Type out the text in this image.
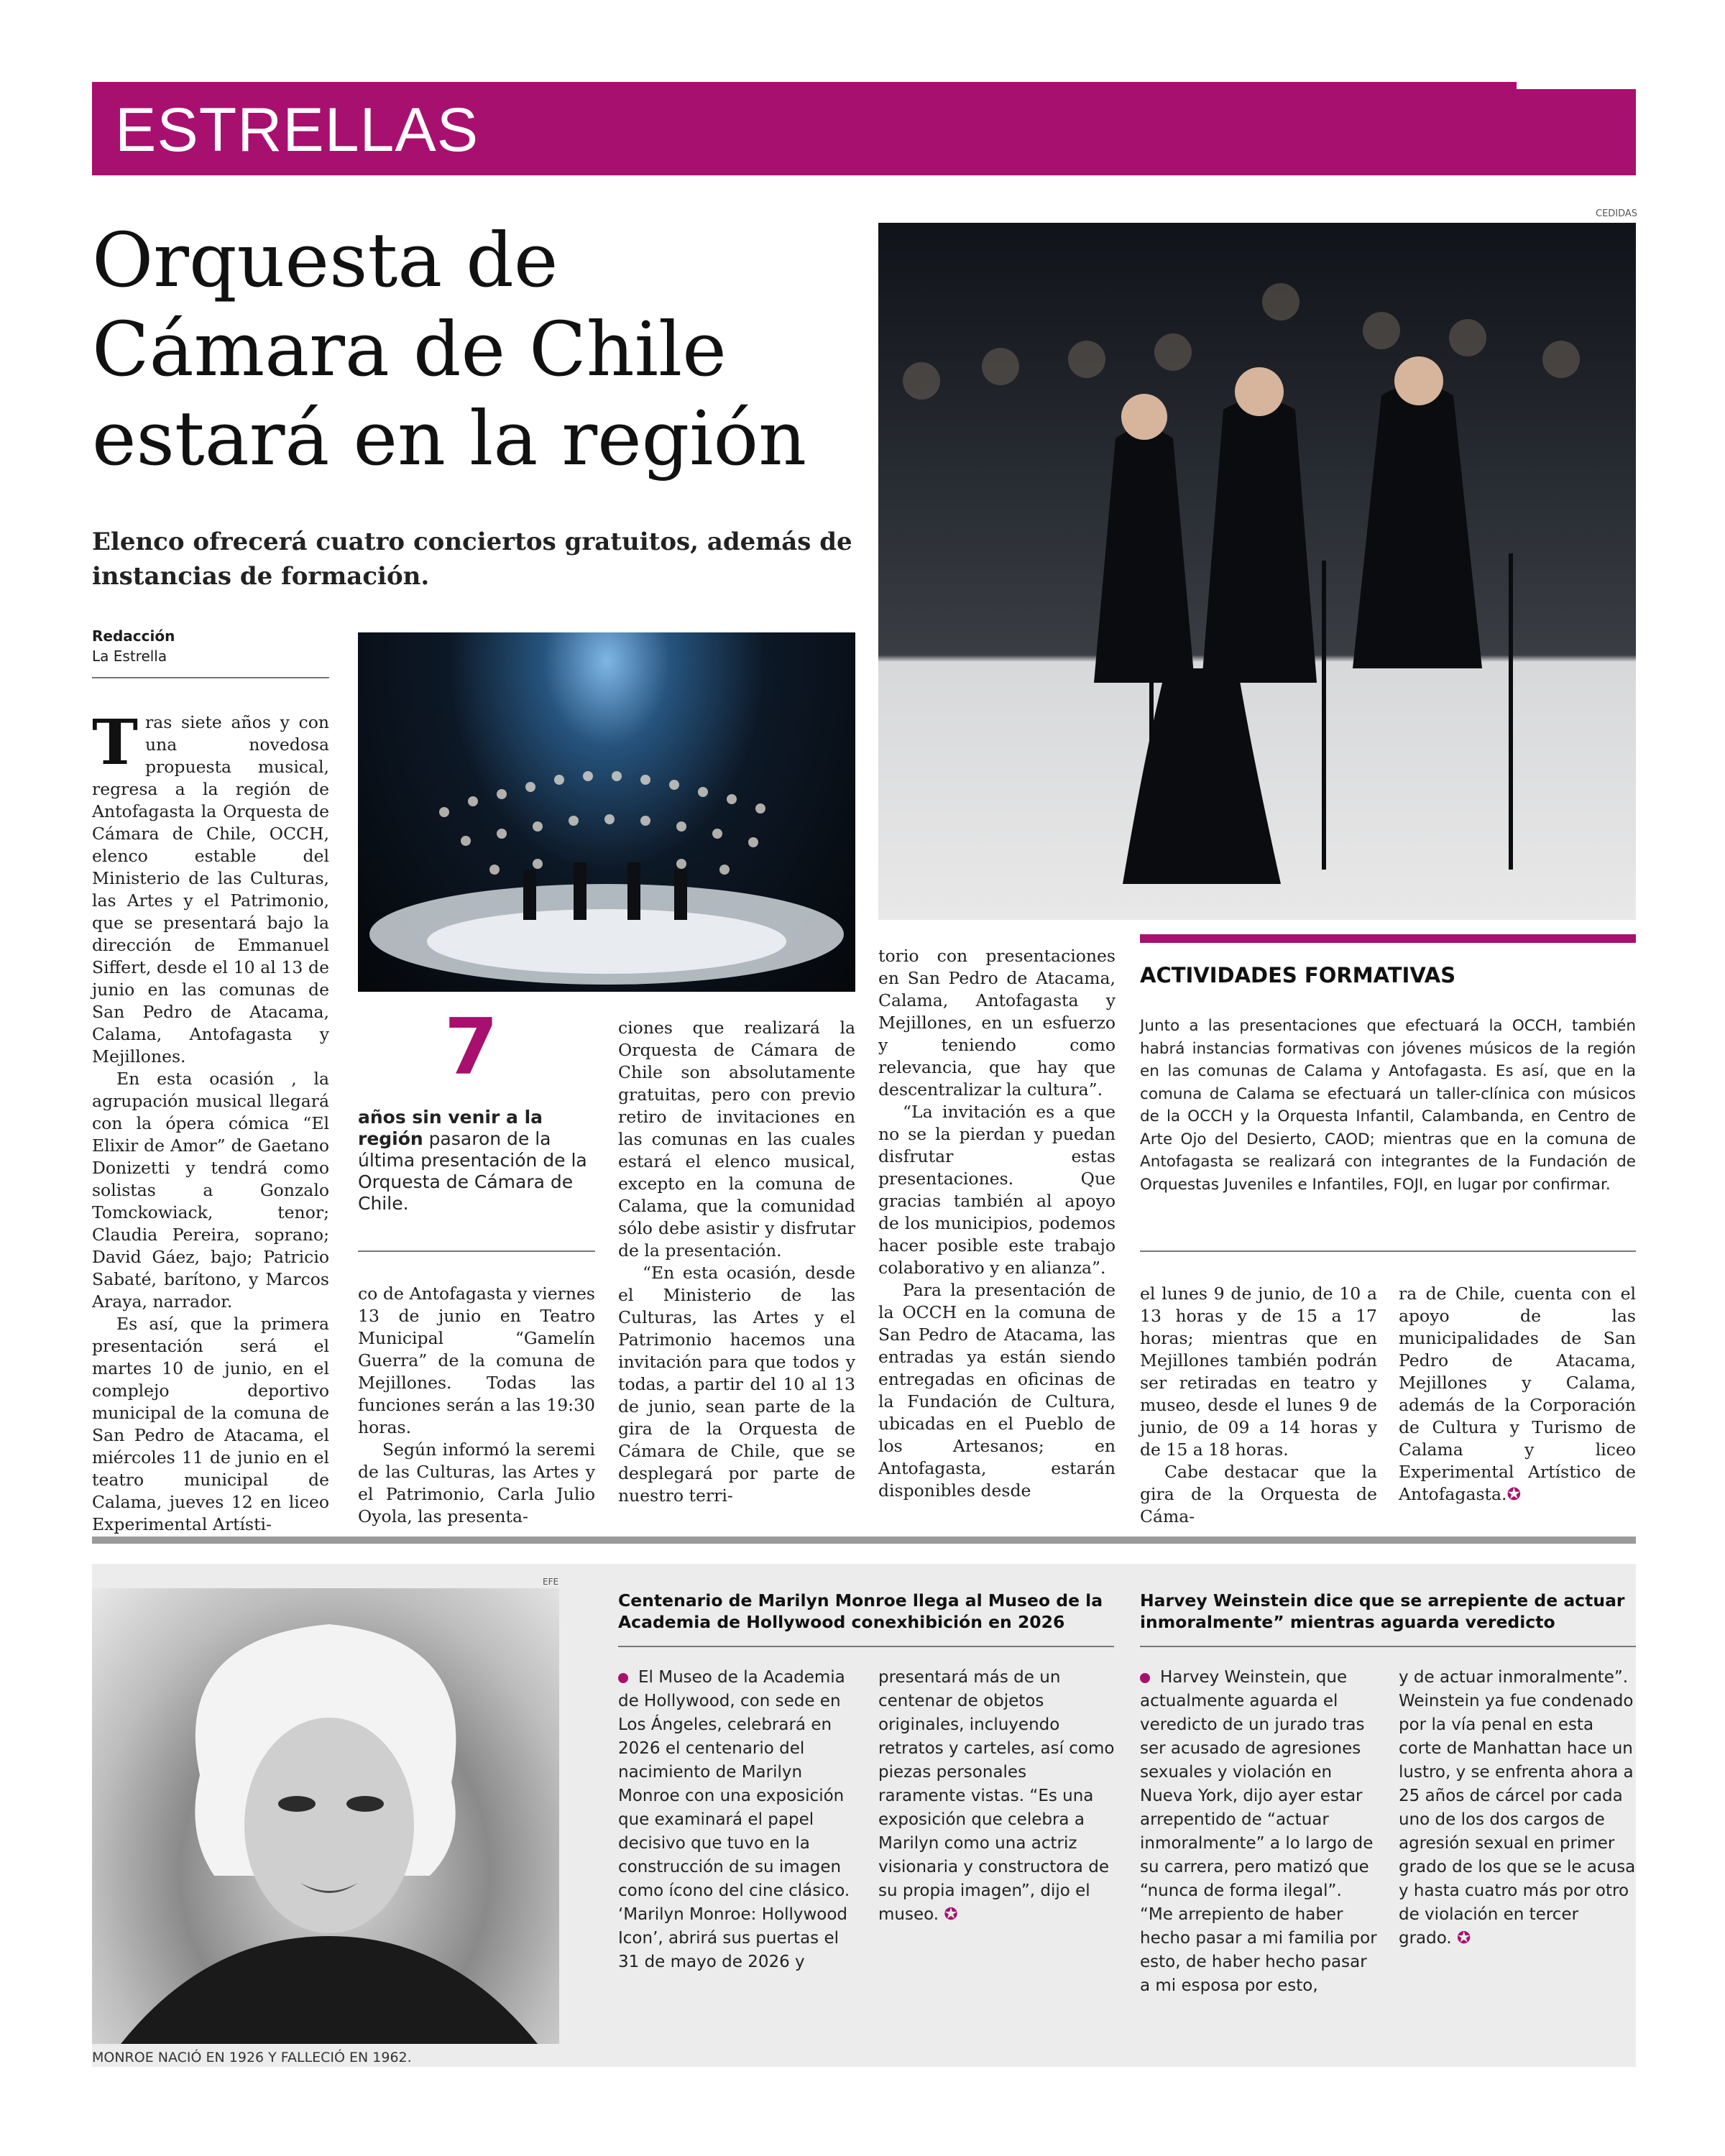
ESTRELLAS
Orquesta de Cámara de Chile estará en la región
Elenco ofrecerá cuatro conciertos gratuitos, además de instancias de formación.
Redacción
La Estrella
CEDIDAS

Tras siete años y con una novedosa propuesta musical, regresa a la región de Antofagasta la Orquesta de Cámara de Chile, OCCH, elenco estable del Ministerio de las Culturas, las Artes y el Patrimonio, que se presentará bajo la dirección de Emmanuel Siffert, desde el 10 al 13 de junio en las comunas de San Pedro de Atacama, Calama, Antofagasta y Mejillones.

En esta ocasión , la agrupación musical llegará con la ópera cómica “El Elixir de Amor” de Gaetano Donizetti y tendrá como solistas a Gonzalo Tomckowiack, tenor; Claudia Pereira, soprano; David Gáez, bajo; Patricio Sabaté, barítono, y Marcos Araya, narrador.

Es así, que la primera presentación será el martes 10 de junio, en el complejo deportivo municipal de la comuna de San Pedro de Atacama, el miércoles 11 de junio en el teatro municipal de Calama, jueves 12 en liceo Experimental Artísti-

7
años sin venir a la región pasaron de la última presentación de la Orquesta de Cámara de Chile.

co de Antofagasta y viernes 13 de junio en Teatro Municipal “Gamelín Guerra” de la comuna de Mejillones. Todas las funciones serán a las 19:30 horas.

Según informó la seremi de las Culturas, las Artes y el Patrimonio, Carla Julio Oyola, las presenta-

ciones que realizará la Orquesta de Cámara de Chile son absolutamente gratuitas, pero con previo retiro de invitaciones en las comunas en las cuales estará el elenco musical, excepto en la comuna de Calama, que la comunidad sólo debe asistir y disfrutar de la presentación.

“En esta ocasión, desde el Ministerio de las Culturas, las Artes y el Patrimonio hacemos una invitación para que todos y todas, a partir del 10 al 13 de junio, sean parte de la gira de la Orquesta de Cámara de Chile, que se desplegará por parte de nuestro terri-

torio con presentaciones en San Pedro de Atacama, Calama, Antofagasta y Mejillones, en un esfuerzo y teniendo como relevancia, que hay que descentralizar la cultura”.

“La invitación es a que no se la pierdan y puedan disfrutar estas presentaciones. Que gracias también al apoyo de los municipios, podemos hacer posible este trabajo colaborativo y en alianza”.

Para la presentación de la OCCH en la comuna de San Pedro de Atacama, las entradas ya están siendo entregadas en oficinas de la Fundación de Cultura, ubicadas en el Pueblo de los Artesanos; en Antofagasta, estarán disponibles desde

ACTIVIDADES FORMATIVAS
Junto a las presentaciones que efectuará la OCCH, también habrá instancias formativas con jóvenes músicos de la región en las comunas de Calama y Antofagasta. Es así, que en la comuna de Calama se efectuará un taller-clínica con músicos de la OCCH y la Orquesta Infantil, Calambanda, en Centro de Arte Ojo del Desierto, CAOD; mientras que en la comuna de Antofagasta se realizará con integrantes de la Fundación de Orquestas Juveniles e Infantiles, FOJI, en lugar por confirmar.

el lunes 9 de junio, de 10 a 13 horas y de 15 a 17 horas; mientras que en Mejillones también podrán ser retiradas en teatro y museo, desde el lunes 9 de junio, de 09 a 14 horas y de 15 a 18 horas.

Cabe destacar que la gira de la Orquesta de Cáma-

ra de Chile, cuenta con el apoyo de las municipalidades de San Pedro de Atacama, Mejillones y Calama, además de la Corporación de Cultura y Turismo de Calama y liceo Experimental Artístico de Antofagasta.✪

EFE
MONROE NACIÓ EN 1926 Y FALLECIÓ EN 1962.
Centenario de Marilyn Monroe llega al Museo de la Academia de Hollywood conexhibición en 2026

El Museo de la Academia de Hollywood, con sede en Los Ángeles, celebrará en 2026 el centenario del nacimiento de Marilyn Monroe con una exposición que examinará el papel decisivo que tuvo en la construcción de su imagen como ícono del cine clásico. ‘Marilyn Monroe: Hollywood Icon’, abrirá sus puertas el 31 de mayo de 2026 y

presentará más de un centenar de objetos originales, incluyendo retratos y carteles, así como piezas personales raramente vistas. “Es una exposición que celebra a Marilyn como una actriz visionaria y constructora de su propia imagen”, dijo el museo. ✪

Harvey Weinstein dice que se arrepiente de actuar inmoralmente” mientras aguarda veredicto

Harvey Weinstein, que actualmente aguarda el veredicto de un jurado tras ser acusado de agresiones sexuales y violación en Nueva York, dijo ayer estar arrepentido de “actuar inmoralmente” a lo largo de su carrera, pero matizó que “nunca de forma ilegal”. “Me arrepiento de haber hecho pasar a mi familia por esto, de haber hecho pasar a mi esposa por esto,

y de actuar inmoralmente”. Weinstein ya fue condenado por la vía penal en esta corte de Manhattan hace un lustro, y se enfrenta ahora a 25 años de cárcel por cada uno de los dos cargos de agresión sexual en primer grado de los que se le acusa y hasta cuatro más por otro de violación en tercer grado. ✪
